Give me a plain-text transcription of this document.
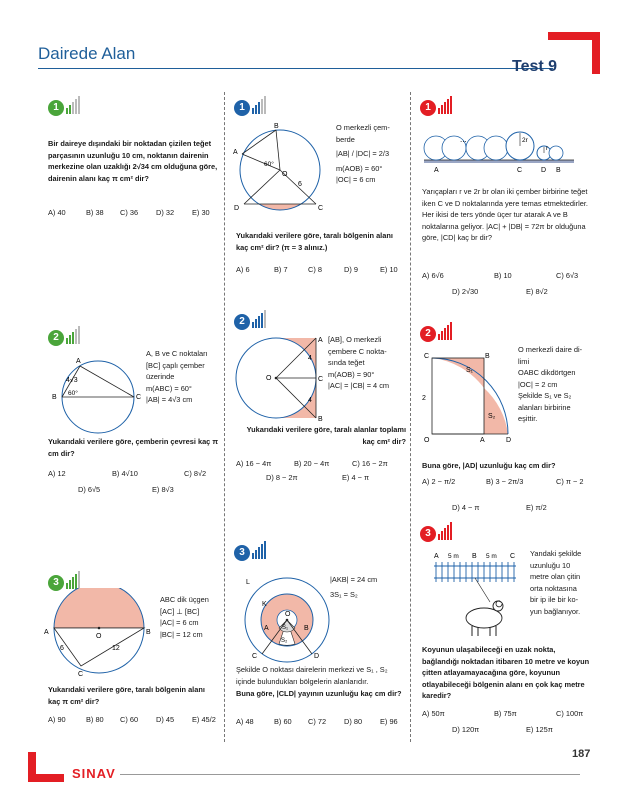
Dairede Alan
Test 9
1
Bir daireye dışındaki bir noktadan çizilen teğet parçasının uzunluğu 10 cm, noktanın dairenin merkezine olan uzaklığı 2√34 cm olduğuna göre, dairenin alanı kaç π cm² dir?
A) 40	B) 38 C) 36 D) 32 E) 30
2
A
B	C
4√3
60°
A, B ve C noktaları
[BC] çaplı çember
üzerinde
m(ABC) = 60°
|AB| = 4√3 cm
Yukarıdaki verilere göre, çemberin çevresi kaç π cm dir?
A) 12	B) 4√10	C) 8√2
D) 6√5	E) 8√3
3
A	B
C
O
6	12
ABC dik üçgen
[AC] ⊥ [BC]
|AC| = 6 cm
|BC| = 12 cm
Yukarıdaki verilere göre, taralı bölgenin alanı kaç π cm² dir?
A) 90	B) 80 C) 60 D) 45 E) 45/2
1
A
B
C
D
O
60°
6
O merkezli çem-
berde
|AB| / |DC| = 2/3
m(AOB) = 60°
|OC| = 6 cm
Yukarıdaki verilere göre, taralı bölgenin alanı kaç cm² dir? (π = 3 alınız.)
A) 6	B) 7	C) 8	D) 9	E) 10
2
A
C
B
O
4
4
[AB], O merkezli
çembere C nokta-
sında teğet
m(AOB) = 90°
|AC| = |CB| = 4 cm
Yukarıdaki verilere göre, taralı alanlar toplamı kaç cm² dir?
A) 16 − 4π	B) 20 − 4π	C) 16 − 2π
D) 8 − 2π	E) 4 − π
3
O
K
L
A	B
C	D
S₁
S₂
|AKB| = 24 cm
3S₁ = S₂
Şekilde O noktası dairelerin merkezi ve S₁ , S₂ içinde bulundukları bölgelerin alanlarıdır.
Buna göre, |CLD| yayının uzunluğu kaç cm dir?
A) 48	B) 60 C) 72 D) 80 E) 96
1
...	2r
r
A	C	D B
Yarıçapları r ve 2r br olan iki çember birbirine teğet iken C ve D noktalarında yere temas etmektedirler. Her ikisi de ters yönde üçer tur atarak A ve B noktalarına geliyor. |AC| + |DB| = 72π br olduğuna göre, |CD| kaç br dir?
A) 6√6	B) 10	C) 6√3
D) 2√30	E) 8√2
2
C	B
O	A	D
2
S₁
S₂
O merkezli daire di-
limi
OABC dikdörtgen
|OC| = 2 cm
Şekilde S₁ ve S₂
alanları birbirine
eşittir.
Buna göre, |AD| uzunluğu kaç cm dir?
A) 2 − π/2	B) 3 − 2π/3	C) π − 2
D) 4 − π	E) π/2
3
A	B	C
5 m	5 m	Yandaki şekilde
uzunluğu 10
metre olan çitin
orta noktasına
bir ip ile bir ko-
yun bağlanıyor.
Koyunun ulaşabileceği en uzak nokta, bağlandığı noktadan itibaren 10 metre ve koyun çitten atlayamayacağına göre, koyunun otlayabileceği bölgenin alanı en çok kaç metre karedir?
A) 50π	B) 75π	C) 100π
D) 120π	E) 125π
SINAV
187
